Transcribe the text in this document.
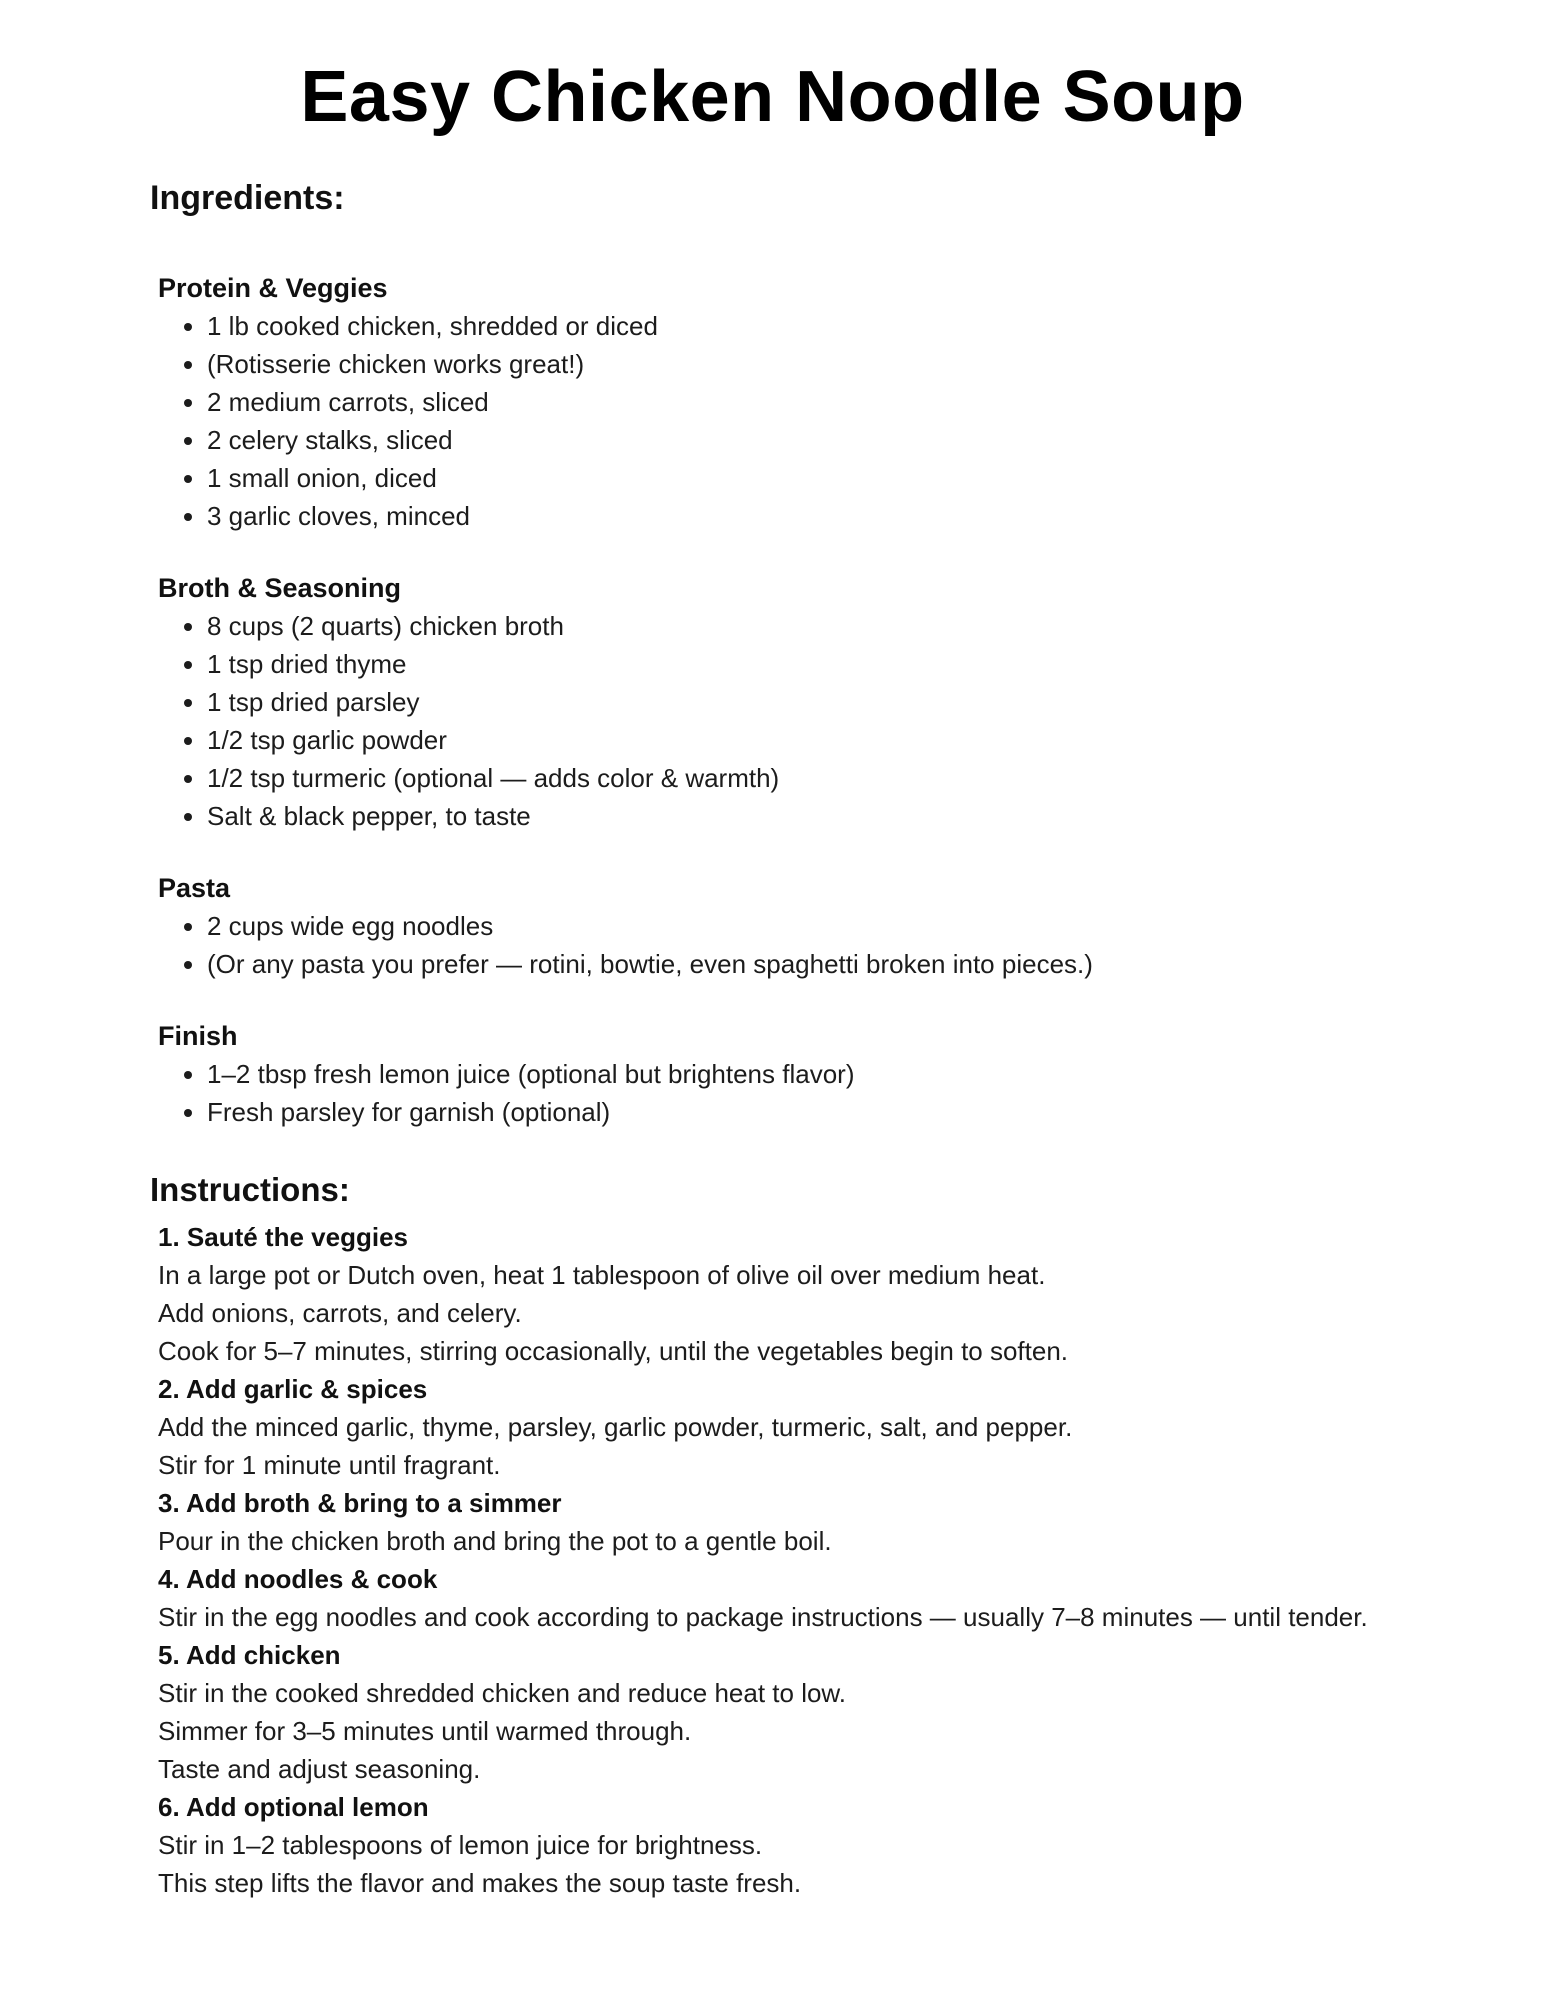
Easy Chicken Noodle Soup
Ingredients:
Protein & Veggies
• 1 lb cooked chicken, shredded or diced
• (Rotisserie chicken works great!)
• 2 medium carrots, sliced
• 2 celery stalks, sliced
• 1 small onion, diced
• 3 garlic cloves, minced
Broth & Seasoning
• 8 cups (2 quarts) chicken broth
• 1 tsp dried thyme
• 1 tsp dried parsley
• 1/2 tsp garlic powder
• 1/2 tsp turmeric (optional — adds color & warmth)
• Salt & black pepper, to taste
Pasta
• 2 cups wide egg noodles
• (Or any pasta you prefer — rotini, bowtie, even spaghetti broken into pieces.)
Finish
• 1–2 tbsp fresh lemon juice (optional but brightens flavor)
• Fresh parsley for garnish (optional)
Instructions:

1. Sauté the veggies

In a large pot or Dutch oven, heat 1 tablespoon of olive oil over medium heat.

Add onions, carrots, and celery.

Cook for 5–7 minutes, stirring occasionally, until the vegetables begin to soften.

2. Add garlic & spices

Add the minced garlic, thyme, parsley, garlic powder, turmeric, salt, and pepper.

Stir for 1 minute until fragrant.

3. Add broth & bring to a simmer

Pour in the chicken broth and bring the pot to a gentle boil.

4. Add noodles & cook

Stir in the egg noodles and cook according to package instructions — usually 7–8 minutes — until tender.

5. Add chicken

Stir in the cooked shredded chicken and reduce heat to low.

Simmer for 3–5 minutes until warmed through.

Taste and adjust seasoning.

6. Add optional lemon

Stir in 1–2 tablespoons of lemon juice for brightness.

This step lifts the flavor and makes the soup taste fresh.
